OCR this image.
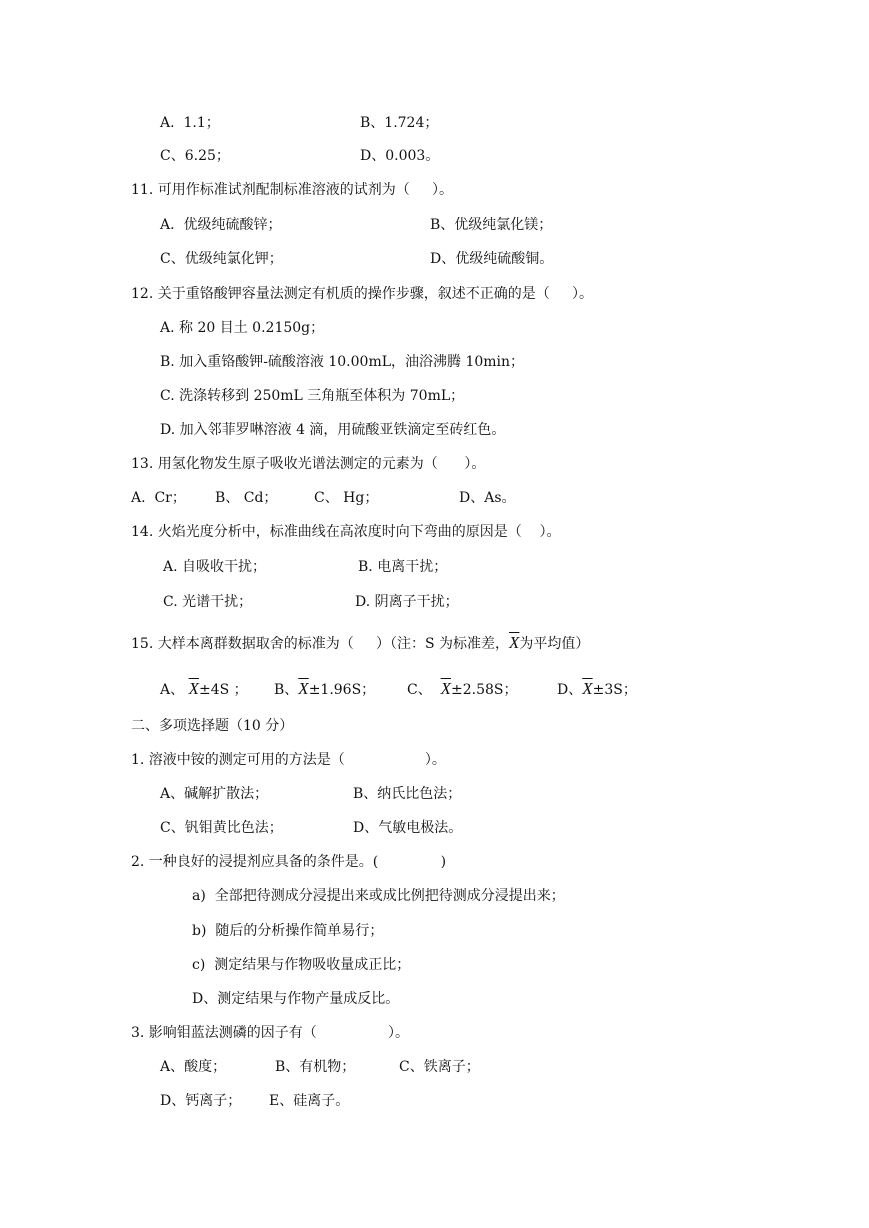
A.  1.1；	B、1.724；
C、6.25；	D、0.003。
11. 可用作标准试剂配制标准溶液的试剂为（     ）。
A.  优级纯硫酸锌；	B、优级纯氯化镁；
C、优级纯氯化钾；	D、优级纯硫酸铜。
12. 关于重铬酸钾容量法测定有机质的操作步骤，叙述不正确的是（     ）。
A. 称 20 目土 0.2150g；
B. 加入重铬酸钾-硫酸溶液 10.00mL，油浴沸腾 10min；
C. 洗涤转移到 250mL 三角瓶至体积为 70mL；
D. 加入邻菲罗啉溶液 4 滴，用硫酸亚铁滴定至砖红色。
13. 用氢化物发生原子吸收光谱法测定的元素为（      ）。
A.  Cr； B、 Cd；	C、 Hg；	D、As。
14. 火焰光度分析中，标准曲线在高浓度时向下弯曲的原因是（    ）。
A. 自吸收干扰；	B. 电离干扰；
C. 光谱干扰；	D. 阴离子干扰；
15. 大样本离群数据取舍的标准为（     ）（注：S 为标准差，$\overline{X}$为平均值）
A、 $\overline{X}\pm 4S$ ； B、$\overline{X}\pm 1.96S$； C、 $\overline{X}\pm 2.58S$；	D、$\overline{X}\pm 3S$；
二、多项选择题（10 分）
1. 溶液中铵的测定可用的方法是（                  ）。
A、碱解扩散法；	B、纳氏比色法；
C、钒钼黄比色法；	D、气敏电极法。
2. 一种良好的浸提剂应具备的条件是。(              )
a)  全部把待测成分浸提出来或成比例把待测成分浸提出来；
b)  随后的分析操作简单易行；
c)  测定结果与作物吸收量成正比；
D、测定结果与作物产量成反比。
3. 影响钼蓝法测磷的因子有（                ）。
A、酸度；	B、有机物；	C、铁离子；
D、钙离子； E、硅离子。
